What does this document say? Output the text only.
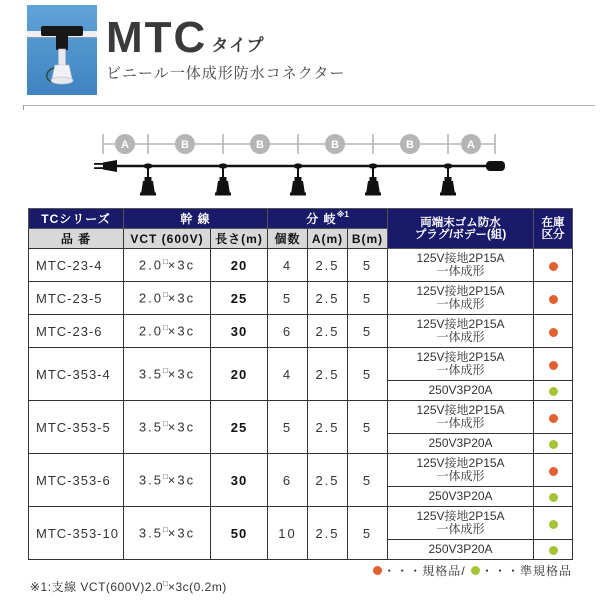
MTC タイプ
ビニール一体成形防水コネクター
A	B	B	B	B	A
TCシリーズ	幹 線	分 岐$^{※1}$	
両端末ゴム防水
プラグ/ボデー(組)

在庫
区分

品 番	VCT (600V)	長さ(m)	個数	A(m)	B(m)		
MTC-23-4	2.0□×3c	20	4	2.5	5	125V接地2P15A
一体成形	

MTC-23-5	2.0□×3c	25	5	2.5	5	125V接地2P15A
一体成形	

MTC-23-6	2.0□×3c	30	6	2.5	5	125V接地2P15A
一体成形	

MTC-353-4	3.5□×3c	20	4	2.5	5	125V接地2P15A
一体成形	

						250V3P20A	
MTC-353-5	3.5□×3c	25	5	2.5	5	125V接地2P15A
一体成形	

						250V3P20A	
MTC-353-6	3.5□×3c	30	6	2.5	5	125V接地2P15A
一体成形	

						250V3P20A	
MTC-353-10	3.5□×3c	50	10	2.5	5	125V接地2P15A
一体成形	

						250V3P20A	
・・・規格品/ ・・・準規格品
※1:支線 VCT(600V)2.0□×3c(0.2m)
